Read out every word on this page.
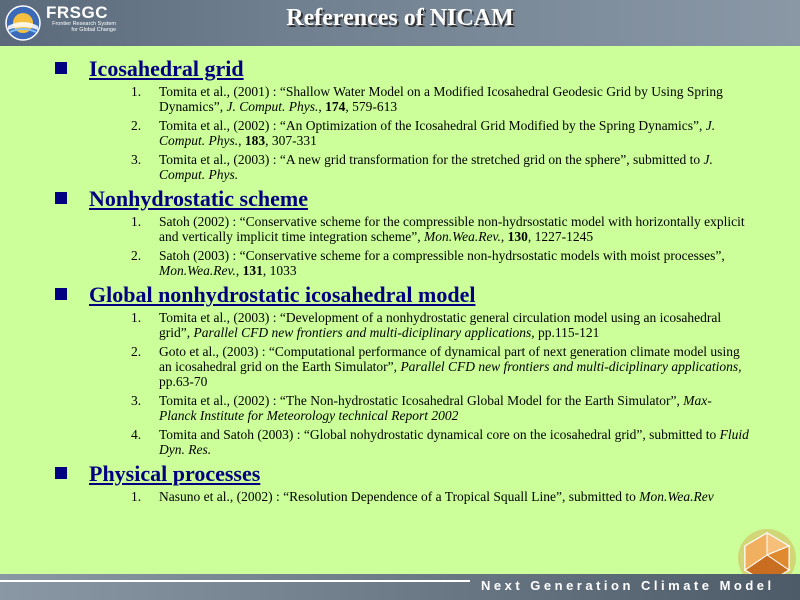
FRSGC
Frontier Research System for Global Change	References of NICAM
Icosahedral grid
1. Tomita et al., (2001) : “Shallow Water Model on a Modified Icosahedral Geodesic Grid by Using Spring Dynamics”, J. Comput. Phys., 174, 579-613
2. Tomita et al., (2002) : “An Optimization of the Icosahedral Grid Modified by the Spring Dynamics”, J. Comput. Phys., 183, 307-331
3. Tomita et al., (2003) : “A new grid transformation for the stretched grid on the sphere”, submitted to J. Comput. Phys.
Nonhydrostatic scheme
1. Satoh (2002) : “Conservative scheme for the compressible non-hydrsostatic model with horizontally explicit and vertically implicit time integration scheme”, Mon.Wea.Rev., 130, 1227-1245
2. Satoh (2003) : “Conservative scheme for a compressible non-hydrsostatic models with moist processes”, Mon.Wea.Rev., 131, 1033
Global nonhydrostatic icosahedral model
1. Tomita et al., (2003) : “Development of a nonhydrostatic general circulation model using an icosahedral grid”, Parallel CFD new frontiers and multi-diciplinary applications, pp.115-121
2. Goto et al., (2003) : “Computational performance of dynamical part of next generation climate model using an icosahedral grid on the Earth Simulator”, Parallel CFD new frontiers and multi-diciplinary applications, pp.63-70
3. Tomita et al., (2002) : “The Non-hydrostatic Icosahedral Global Model for the Earth Simulator”, Max-Planck Institute for Meteorology technical Report 2002
4. Tomita and Satoh (2003) : “Global nohydrostatic dynamical core on the icosahedral grid”, submitted to Fluid Dyn. Res.
Physical processes
1. Nasuno et al., (2002) : “Resolution Dependence of a Tropical Squall Line”, submitted to Mon.Wea.Rev
Next Generation Climate Model
